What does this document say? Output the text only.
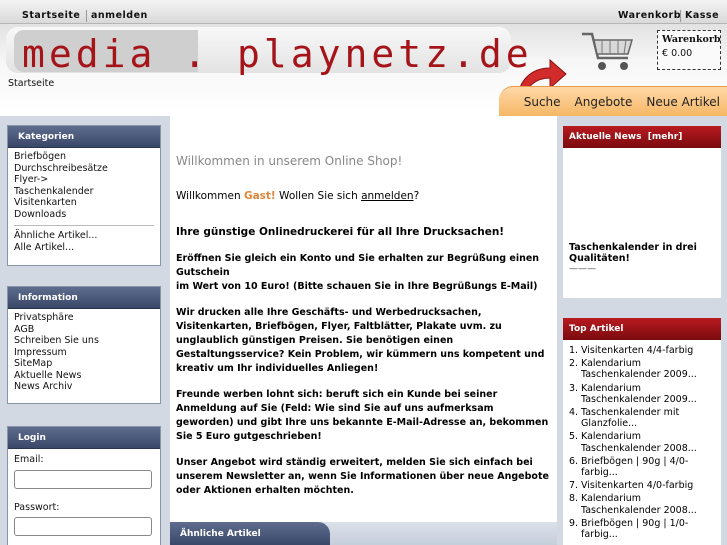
Startseite	anmelden	Warenkorb Kasse
media . playnetz.de
Startseite
Warenkorb
€ 0.00
Suche	Angebote	Neue Artikel
Kategorien
Briefbögen
Durchschreibesätze
Flyer->
Taschenkalender
Visitenkarten
Downloads
Ähnliche Artikel...
Alle Artikel...
Information
Privatsphäre
AGB
Schreiben Sie uns
Impressum
SiteMap
Aktuelle News
News Archiv
Login
Email:
Passwort:
Willkommen in unserem Online Shop!
Willkommen Gast! Wollen Sie sich anmelden?
Ihre günstige Onlinedruckerei für all Ihre Drucksachen!

Eröffnen Sie gleich ein Konto und Sie erhalten zur Begrüßung einen Gutschein
im Wert von 10 Euro! (Bitte schauen Sie in Ihre Begrüßungs E-Mail)

Wir drucken alle Ihre Geschäfts- und Werbedrucksachen, Visitenkarten, Briefbögen, Flyer, Faltblätter, Plakate uvm. zu unglaublich günstigen Preisen. Sie benötigen einen Gestaltungsservice? Kein Problem, wir kümmern uns kompetent und kreativ um Ihr individuelles Anliegen!

Freunde werben lohnt sich: beruft sich ein Kunde bei seiner Anmeldung auf Sie (Feld: Wie sind Sie auf uns aufmerksam geworden) und gibt Ihre uns bekannte E-Mail-Adresse an, bekommen Sie 5 Euro gutgeschrieben!

Unser Angebot wird ständig erweitert, melden Sie sich einfach bei unserem Newsletter an, wenn Sie Informationen über neue Angebote oder Aktionen erhalten möchten.

Ähnliche Artikel
Aktuelle News [mehr]
Taschenkalender in drei Qualitäten!
———
Top Artikel
1. Visitenkarten 4/4-farbig
2. Kalendarium Taschenkalender 2009...
3. Kalendarium Taschenkalender 2009...
4. Taschenkalender mit Glanzfolie...
5. Kalendarium Taschenkalender 2008...
6. Briefbögen | 90g | 4/0-farbig...
7. Visitenkarten 4/0-farbig
8. Kalendarium Taschenkalender 2008...
9. Briefbögen | 90g | 1/0-farbig...
